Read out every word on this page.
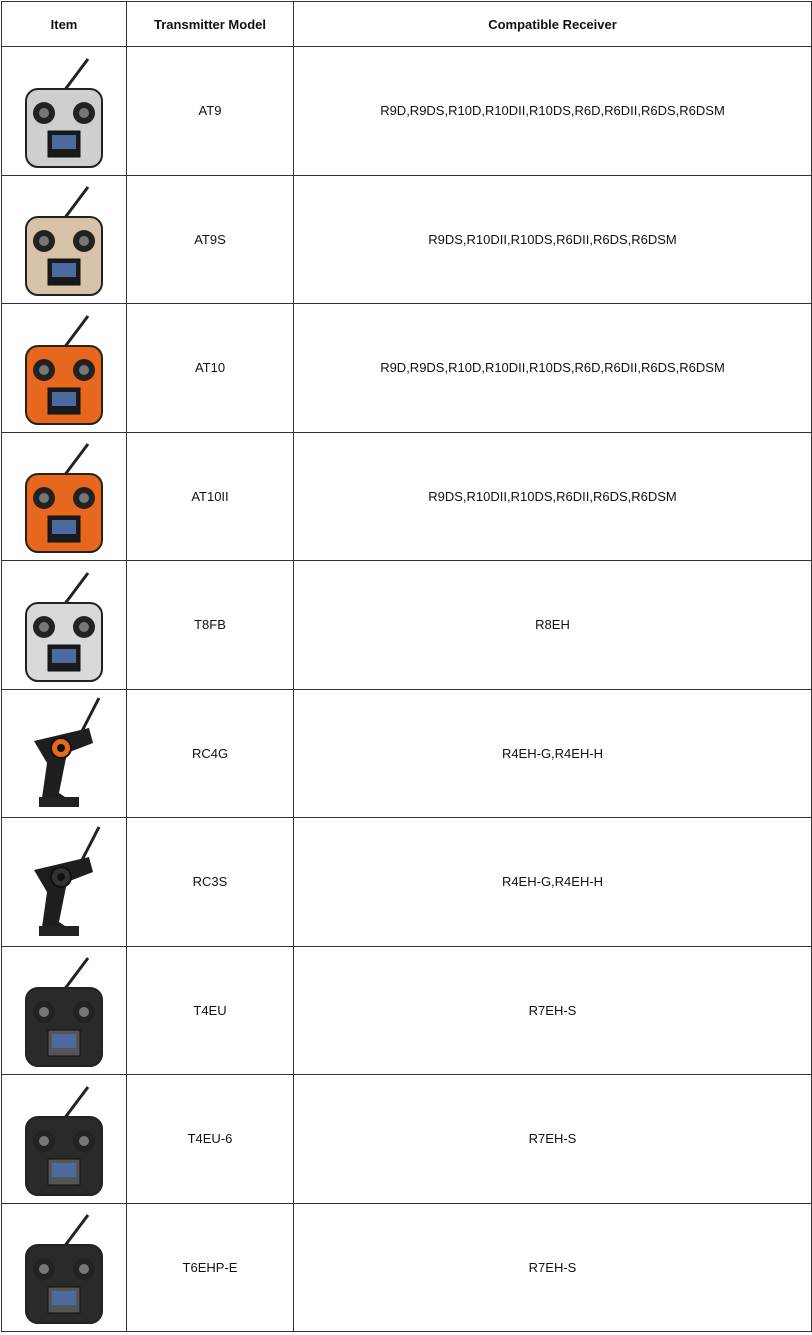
Item	Transmitter Model	Compatible Receiver

	AT9	R9D,R9DS,R10D,R10DII,R10DS,R6D,R6DII,R6DS,R6DSM

	AT9S	R9DS,R10DII,R10DS,R6DII,R6DS,R6DSM

	AT10	R9D,R9DS,R10D,R10DII,R10DS,R6D,R6DII,R6DS,R6DSM

	AT10II	R9DS,R10DII,R10DS,R6DII,R6DS,R6DSM

	T8FB	R8EH

	RC4G	R4EH-G,R4EH-H

	RC3S	R4EH-G,R4EH-H

	T4EU	R7EH-S

	T4EU-6	R7EH-S

	T6EHP-E	R7EH-S
